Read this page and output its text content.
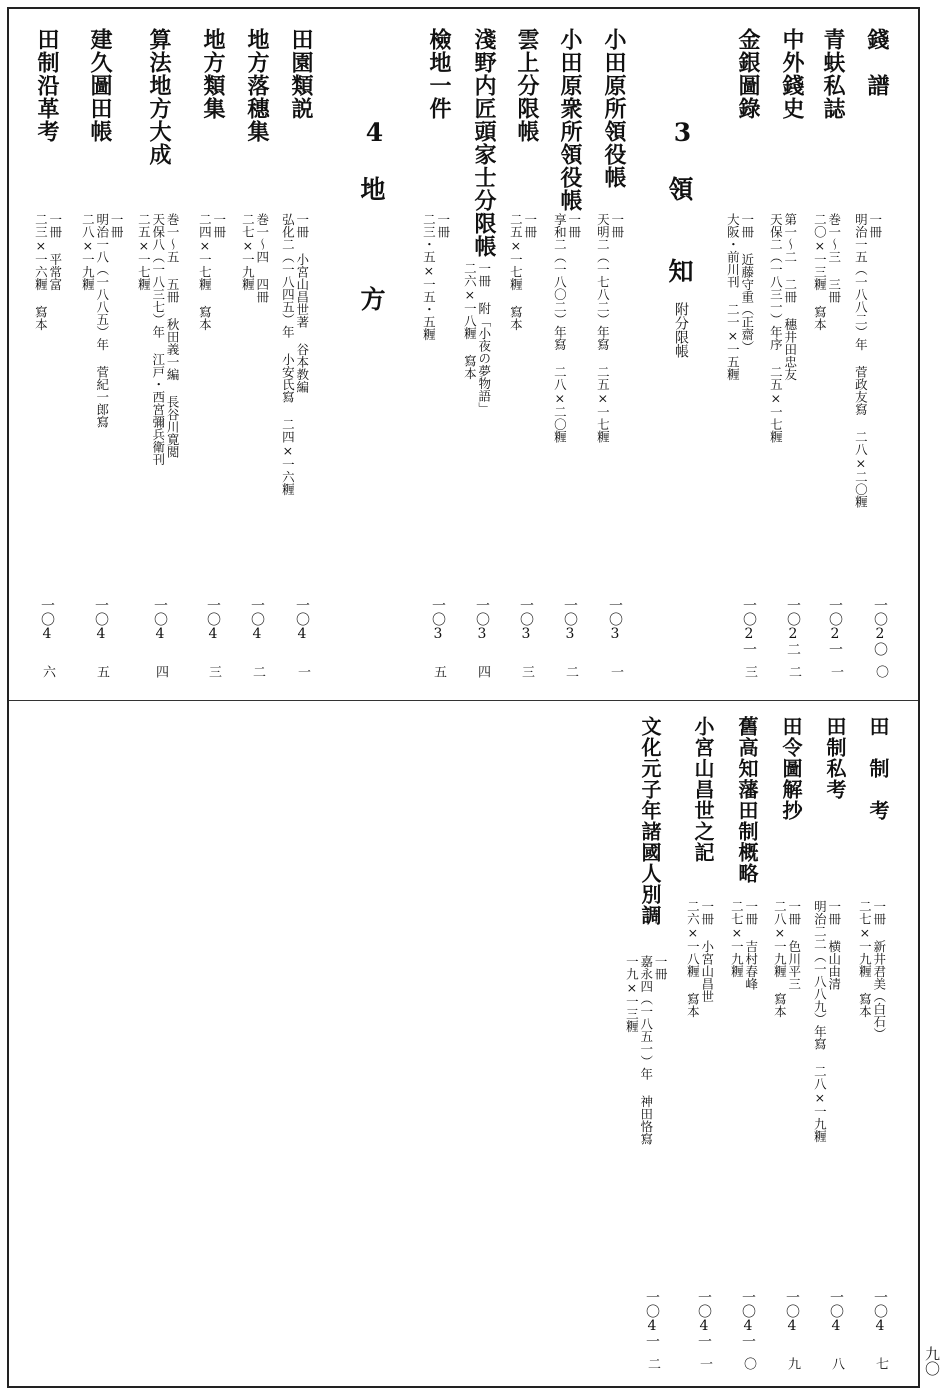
錢　譜
一冊
明治一五（一八八二）年 菅政友寫 二八×二〇糎
一〇2〇
〇
青蚨私誌
巻一〜三 三冊
二〇×一三糎 寫本
一〇2一
一
中外錢史
第一〜二 二冊 穗井田忠友
天保二（一八三一）年序 二五×一七糎
一〇2二
二
金銀圖錄
一冊 近藤守重（正齋）
大阪・前川刊 二一×一五糎
一〇2一
三
3
領
知
附分限帳
小田原所領役帳
一冊
天明二（一七八二）年寫 二五×一七糎
一〇3
一
小田原衆所領役帳
一冊
享和二（一八〇二）年寫 二八×二〇糎
一〇3
二
雲上分限帳
一冊
二五×一七糎 寫本
一〇3
三
淺野内匠頭家士分限帳
一冊 附「小夜の夢物語」
二六×一八糎 寫本
一〇3
四
檢地一件
一冊
二三・五×一五・五糎
一〇3
五
4
地
方
田園類説
一冊 小宮山昌世著 谷本教編
弘化二（一八四五）年 小安氏寫 二四×一六糎
一〇4
一
地方落穗集
巻一〜四 四冊
二七×一九糎
一〇4
二
地方類集
一冊
二四×一七糎 寫本
一〇4
三
算法地方大成
巻一〜五 五冊 秋田義一編 長谷川寛閲
天保八（一八三七）年 江戸・西宮彌兵衛刊
二五×一七糎
一〇4
四
建久圖田帳
一冊
明治一八（一八八五）年 菅紀一郎寫
二八×一九糎
一〇4
五
田制沿革考
一冊 平常富
二三×一六糎 寫本
一〇4
六
田　制　考
一冊 新井君美（白石）
二七×一九糎 寫本
一〇4
七
田制私考
一冊 横山由清
明治二二（一八八九）年寫 二八×一九糎
一〇4
八
田令圖解抄
一冊 色川平三
二八×一九糎 寫本
一〇4
九
舊高知藩田制概略
一冊 吉村春峰
二七×一九糎
一〇4一
〇
小宮山昌世之記
一冊 小宮山昌世
二六×一八糎 寫本
一〇4一
一
文化元子年諸國人別調
一冊
嘉永四（一八五一）年 神田恪寫
一九×一三糎
一〇4一
二	九〇
